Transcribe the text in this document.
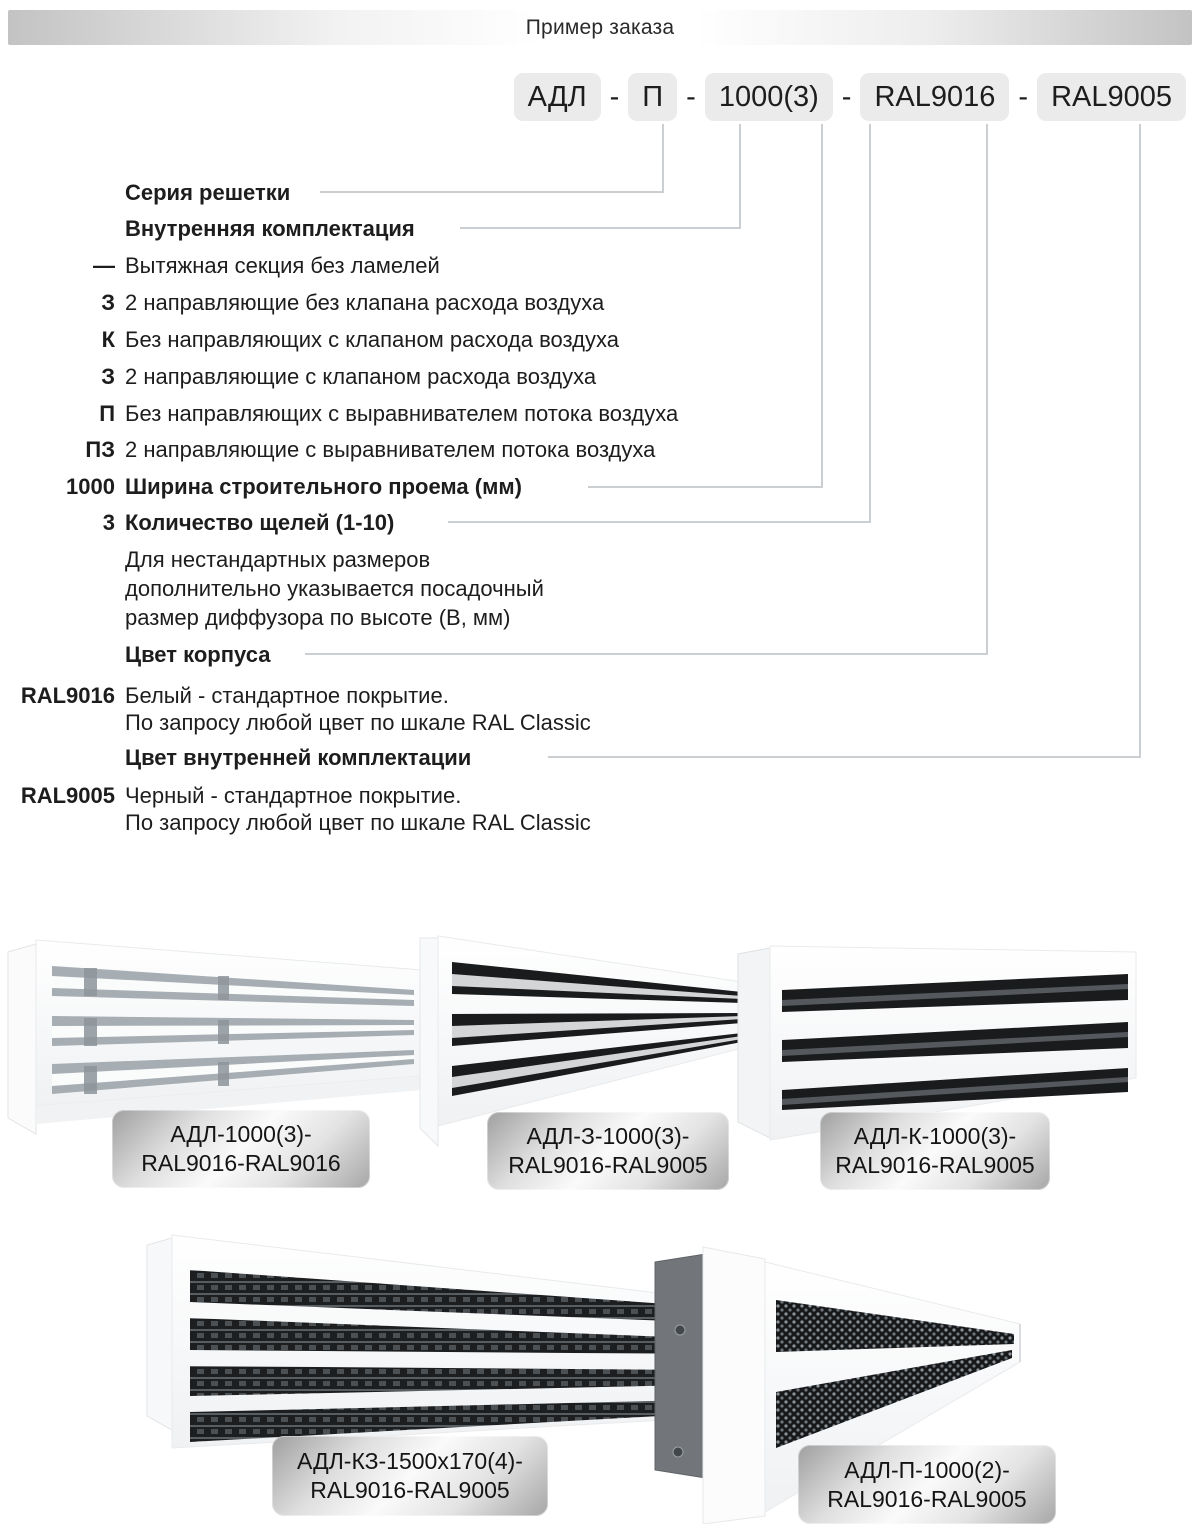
Пример заказа
АДЛ - П - 1000(3) - RAL9016 - RAL9005
Серия решетки
Внутренняя комплектация
— Вытяжная секция без ламелей
З 2 направляющие без клапана расхода воздуха
К Без направляющих с клапаном расхода воздуха
З 2 направляющие с клапаном расхода воздуха
П Без направляющих с выравнивателем потока воздуха
ПЗ 2 направляющие с выравнивателем потока воздуха
1000 Ширина строительного проема (мм)
3 Количество щелей (1-10)
Для нестандартных размеров
дополнительно указывается посадочный
размер диффузора по высоте (В, мм)
Цвет корпуса
RAL9016 Белый - стандартное покрытие.
По запросу любой цвет по шкале RAL Classic
Цвет внутренней комплектации
RAL9005 Черный - стандартное покрытие.
По запросу любой цвет по шкале RAL Classic
АДЛ-1000(3)-
RAL9016-RAL9016
АДЛ-З-1000(3)-
RAL9016-RAL9005
АДЛ-К-1000(3)-
RAL9016-RAL9005
АДЛ-КЗ-1500х170(4)-
RAL9016-RAL9005
АДЛ-П-1000(2)-
RAL9016-RAL9005
